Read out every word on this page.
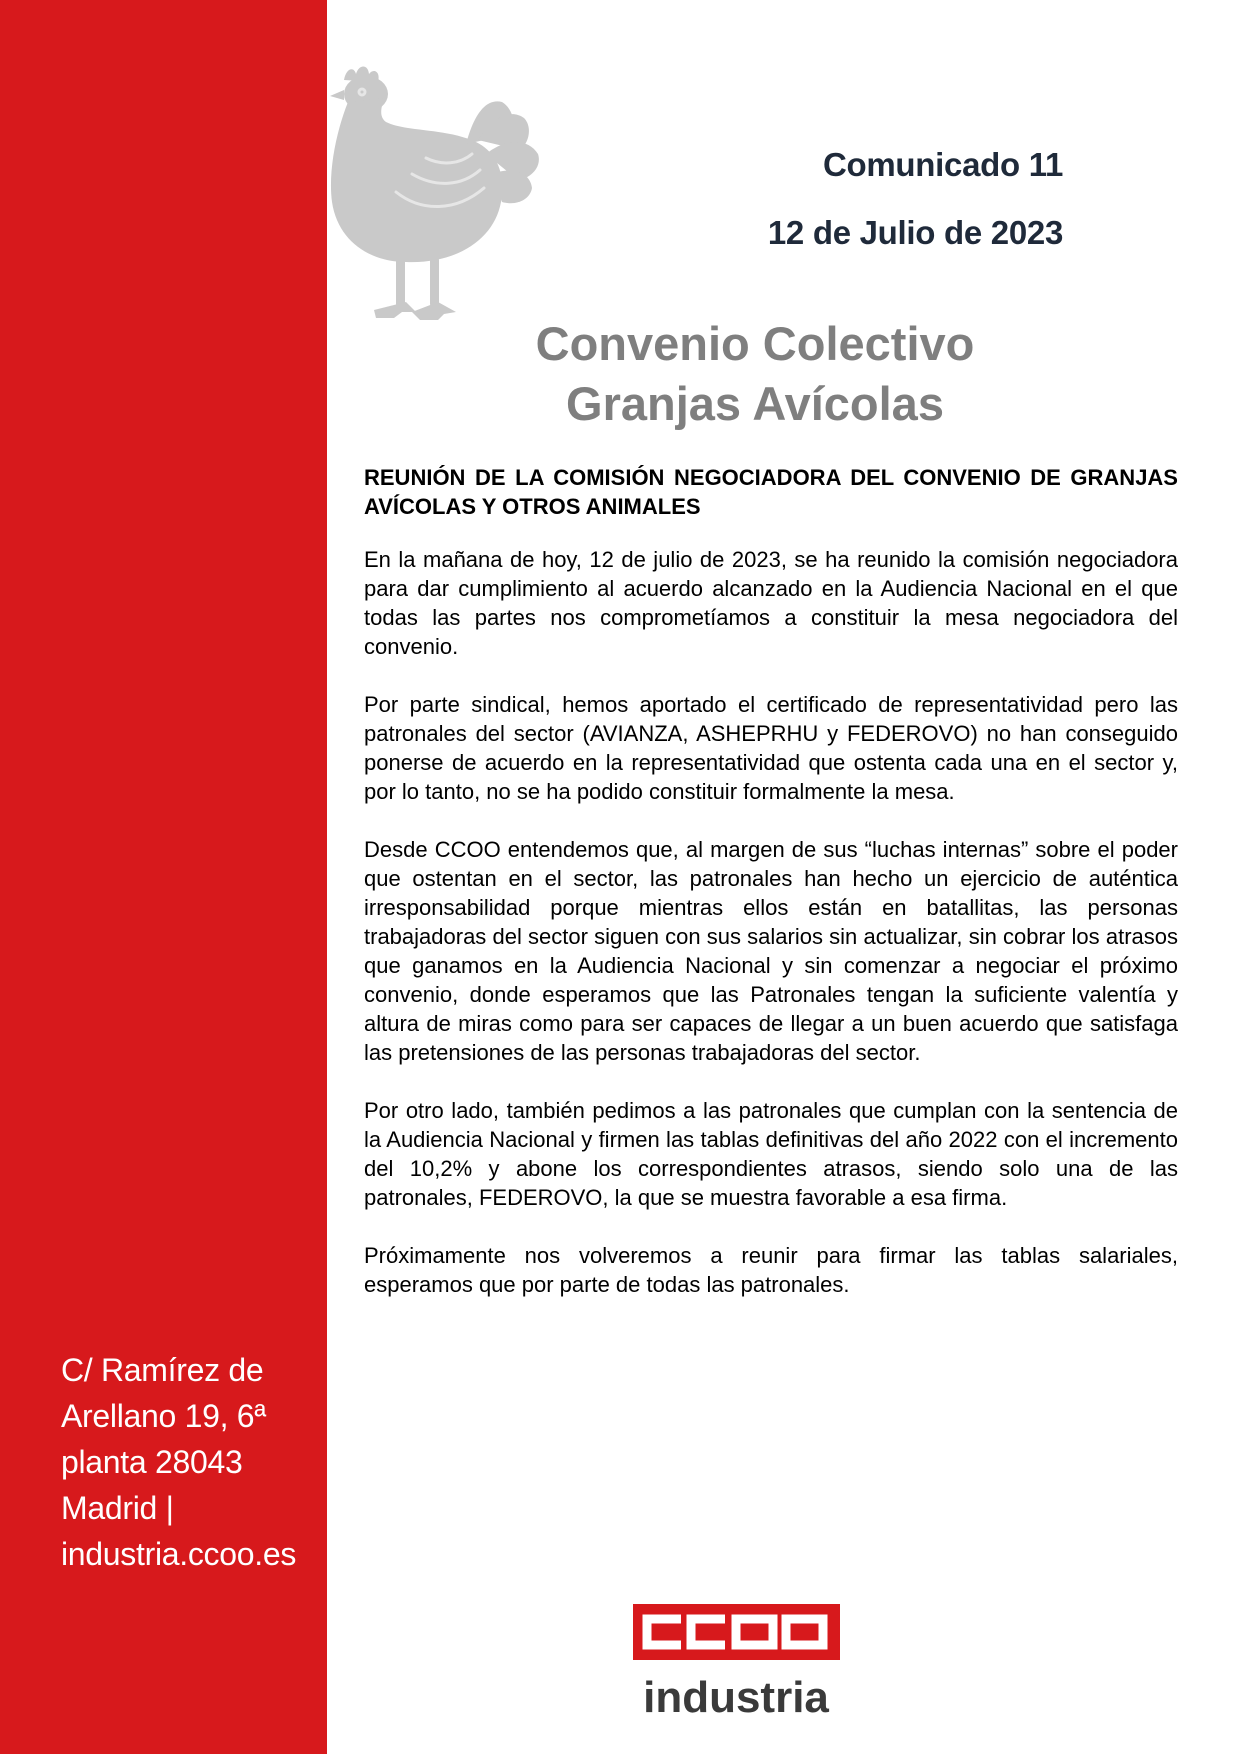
C/ Ramírez de Arellano 19, 6ª planta 28043 Madrid | industria.ccoo.es
Comunicado 11
12 de Julio de 2023
Convenio Colectivo
Granjas Avícolas

REUNIÓN DE LA COMISIÓN NEGOCIADORA DEL CONVENIO DE GRANJAS AVÍCOLAS Y OTROS ANIMALES

En la mañana de hoy, 12 de julio de 2023, se ha reunido la comisión negociadora para dar cumplimiento al acuerdo alcanzado en la Audiencia Nacional en el que todas las partes nos comprometíamos a constituir la mesa negociadora del convenio.

Por parte sindical, hemos aportado el certificado de representatividad pero las patronales del sector (AVIANZA, ASHEPRHU y FEDEROVO) no han conseguido ponerse de acuerdo en la representatividad que ostenta cada una en el sector y, por lo tanto, no se ha podido constituir formalmente la mesa.

Desde CCOO entendemos que, al margen de sus “luchas internas” sobre el poder que ostentan en el sector, las patronales han hecho un ejercicio de auténtica irresponsabilidad porque mientras ellos están en batallitas, las personas trabajadoras del sector siguen con sus salarios sin actualizar, sin cobrar los atrasos que ganamos en la Audiencia Nacional y sin comenzar a negociar el próximo convenio, donde esperamos que las Patronales tengan la suficiente valentía y altura de miras como para ser capaces de llegar a un buen acuerdo que satisfaga las pretensiones de las personas trabajadoras del sector.

Por otro lado, también pedimos a las patronales que cumplan con la sentencia de la Audiencia Nacional y firmen las tablas definitivas del año 2022 con el incremento del 10,2% y abone los correspondientes atrasos, siendo solo una de las patronales, FEDEROVO, la que se muestra favorable a esa firma.

Próximamente nos volveremos a reunir para firmar las tablas salariales, esperamos que por parte de todas las patronales.

industria
